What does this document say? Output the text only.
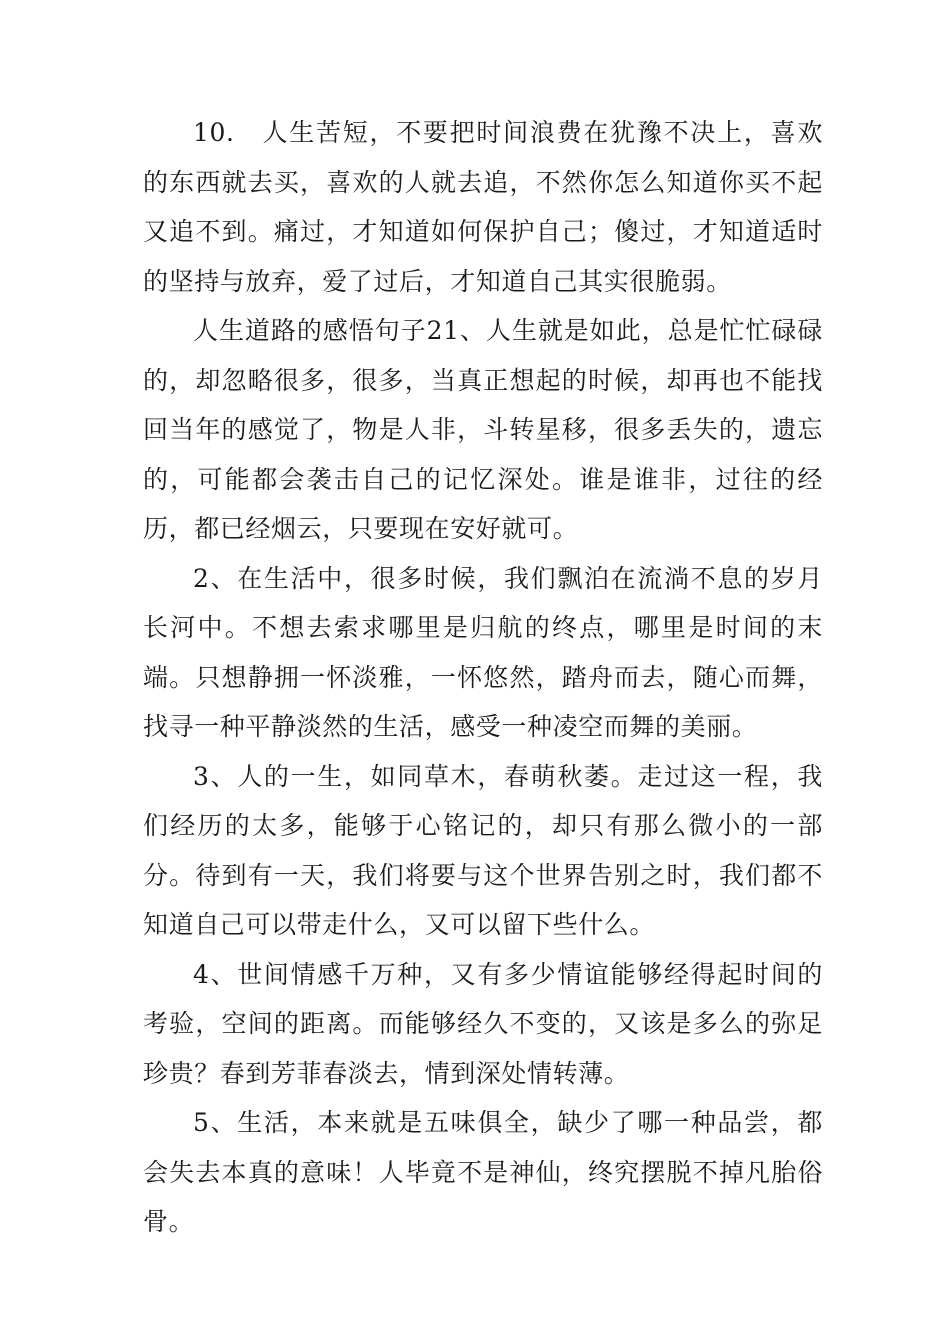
10.　人生苦短，不要把时间浪费在犹豫不决上，喜欢的东西就去买，喜欢的人就去追，不然你怎么知道你买不起又追不到。痛过，才知道如何保护自己；傻过，才知道适时的坚持与放弃，爱了过后，才知道自己其实很脆弱。

人生道路的感悟句子21、人生就是如此，总是忙忙碌碌的，却忽略很多，很多，当真正想起的时候，却再也不能找回当年的感觉了，物是人非，斗转星移，很多丢失的，遗忘的，可能都会袭击自己的记忆深处。谁是谁非，过往的经历，都已经烟云，只要现在安好就可。

2、在生活中，很多时候，我们飘泊在流淌不息的岁月长河中。不想去索求哪里是归航的终点，哪里是时间的末端。只想静拥一怀淡雅，一怀悠然，踏舟而去，随心而舞，找寻一种平静淡然的生活，感受一种凌空而舞的美丽。

3、人的一生，如同草木，春萌秋萎。走过这一程，我们经历的太多，能够于心铭记的，却只有那么微小的一部分。待到有一天，我们将要与这个世界告别之时，我们都不知道自己可以带走什么，又可以留下些什么。

4、世间情感千万种，又有多少情谊能够经得起时间的考验，空间的距离。而能够经久不变的，又该是多么的弥足珍贵？春到芳菲春淡去，情到深处情转薄。

5、生活，本来就是五味俱全，缺少了哪一种品尝，都会失去本真的意味！人毕竟不是神仙，终究摆脱不掉凡胎俗骨。
